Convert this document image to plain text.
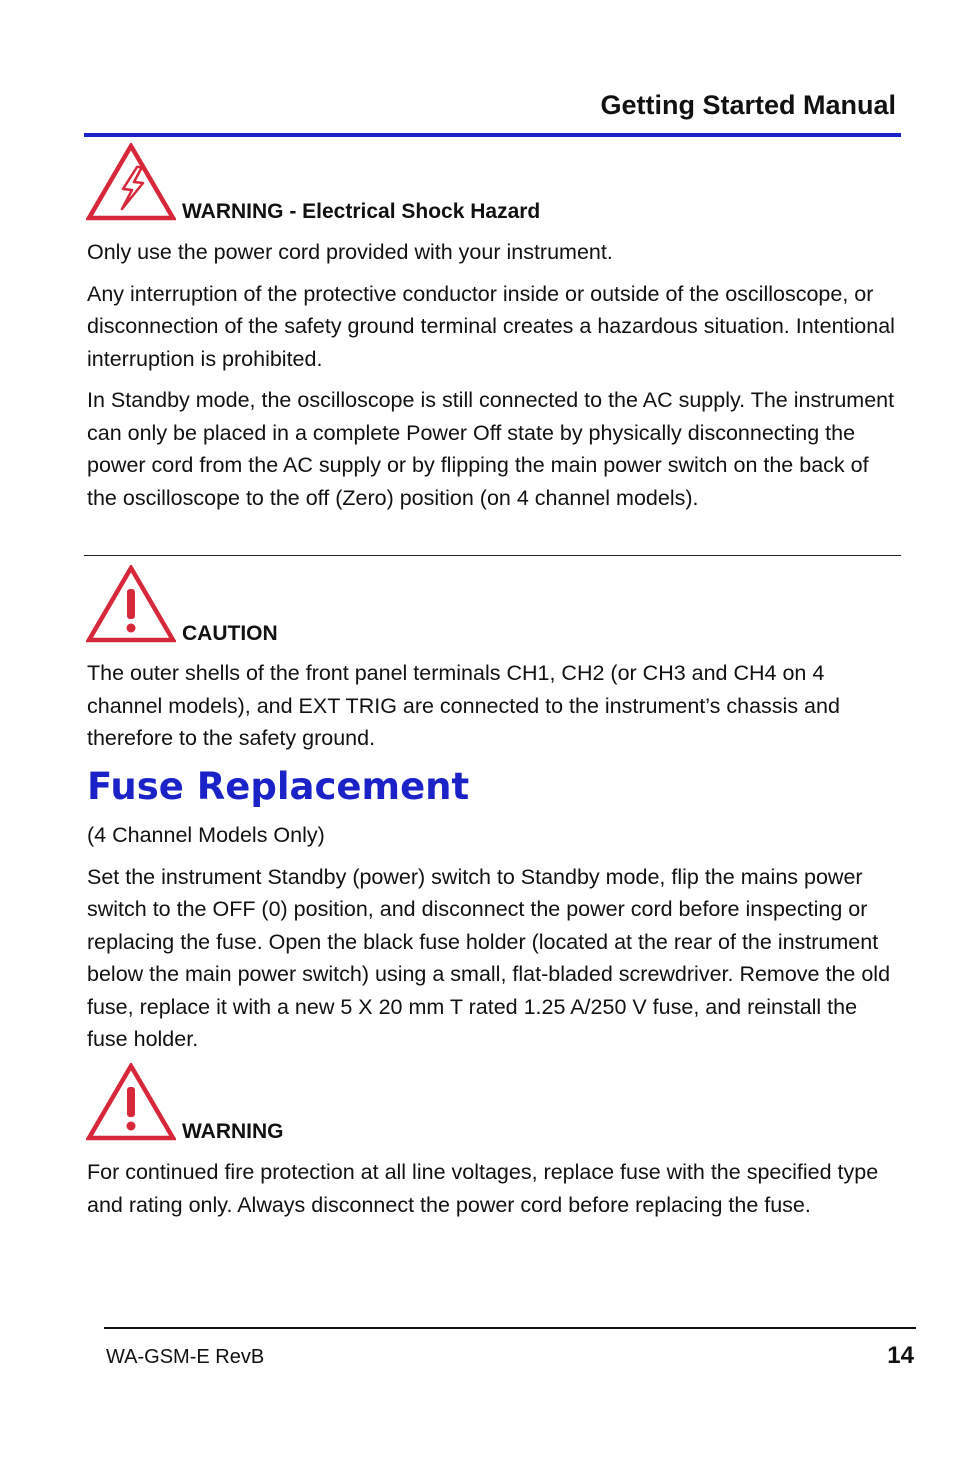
Getting Started Manual
WARNING - Electrical Shock Hazard

Only use the power cord provided with your instrument.

Any interruption of the protective conductor inside or outside of the oscilloscope, or disconnection of the safety ground terminal creates a hazardous situation. Intentional interruption is prohibited.

In Standby mode, the oscilloscope is still connected to the AC supply. The instrument can only be placed in a complete Power Off state by physically disconnecting the power cord from the AC supply or by flipping the main power switch on the back of the oscilloscope to the off (Zero) position (on 4 channel models).

CAUTION

The outer shells of the front panel terminals CH1, CH2 (or CH3 and CH4 on 4 channel models), and EXT TRIG are connected to the instrument’s chassis and therefore to the safety ground.

Fuse Replacement

(4 Channel Models Only)

Set the instrument Standby (power) switch to Standby mode, flip the mains power switch to the OFF (0) position, and disconnect the power cord before inspecting or replacing the fuse. Open the black fuse holder (located at the rear of the instrument below the main power switch) using a small, flat-bladed screwdriver. Remove the old fuse, replace it with a new 5 X 20 mm T rated 1.25 A/250 V fuse, and reinstall the fuse holder.

WARNING

For continued fire protection at all line voltages, replace fuse with the specified type and rating only. Always disconnect the power cord before replacing the fuse.

WA-GSM-E RevB	14
